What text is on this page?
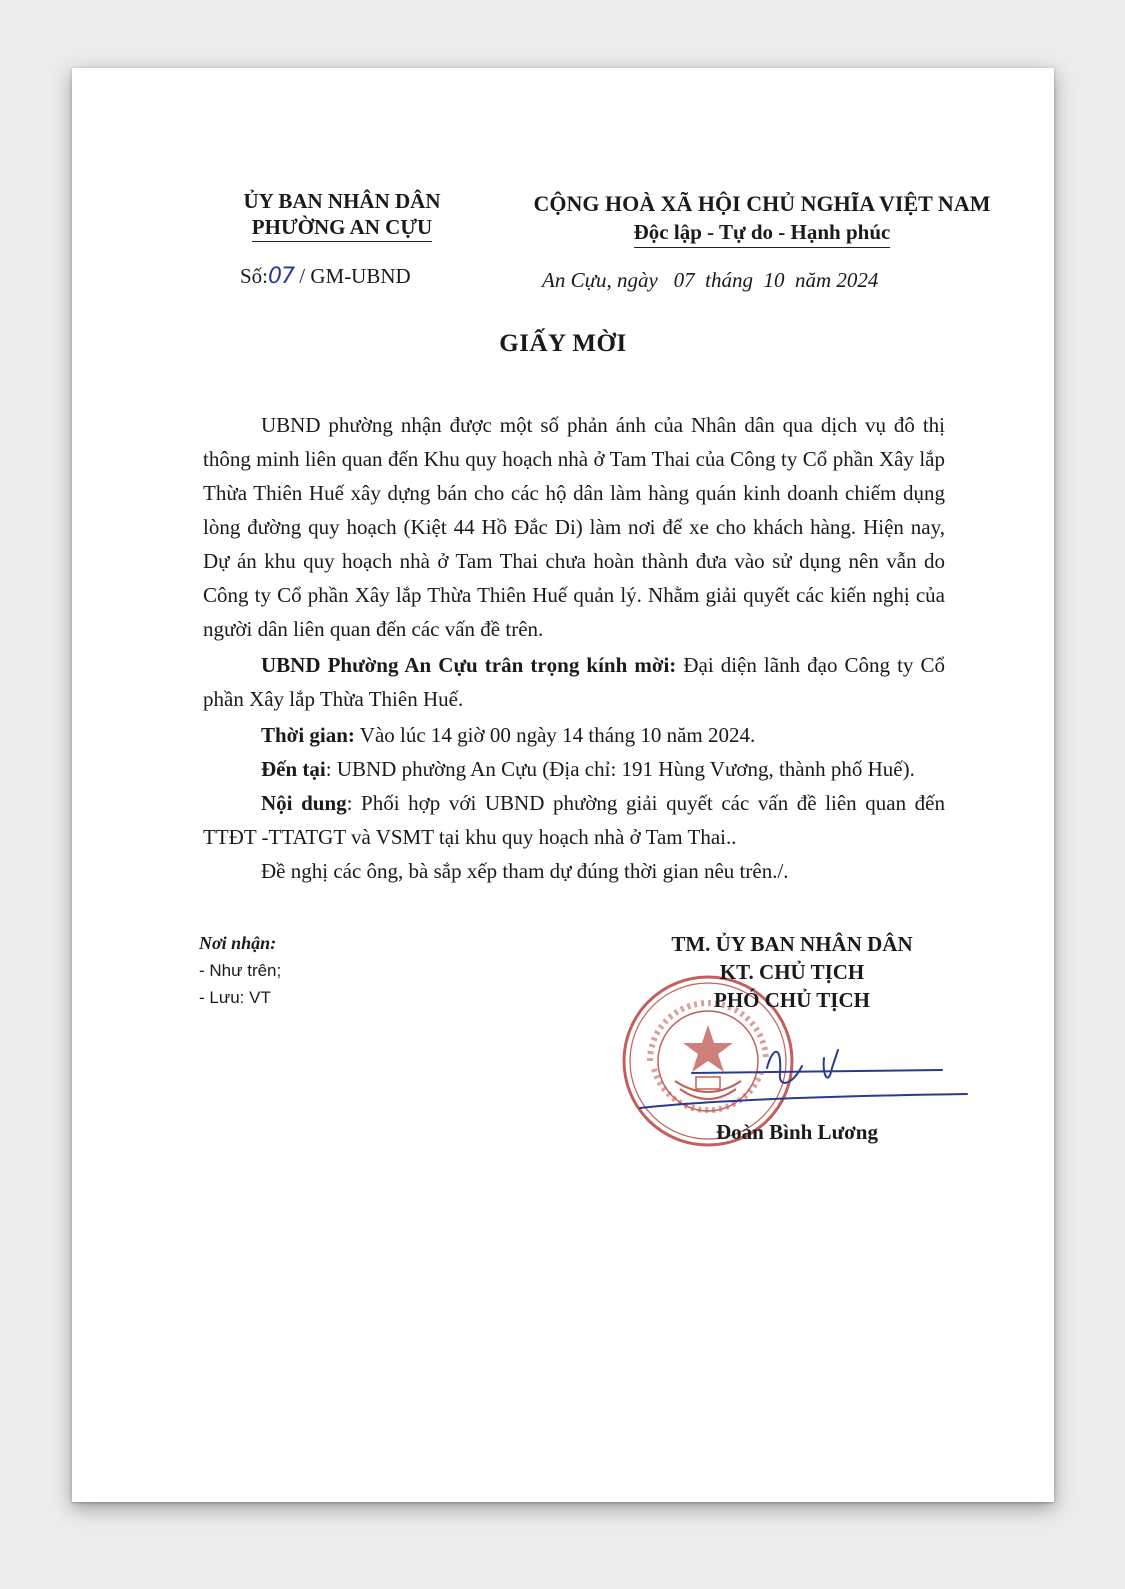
ỦY BAN NHÂN DÂN
PHƯỜNG AN CỰU
Số:07 / GM-UBND
CỘNG HOÀ XÃ HỘI CHỦ NGHĨA VIỆT NAM
Độc lập - Tự do - Hạnh phúc
An Cựu, ngày   07  tháng  10  năm 2024
GIẤY MỜI

UBND phường nhận được một số phản ánh của Nhân dân qua dịch vụ đô thị thông minh liên quan đến Khu quy hoạch nhà ở Tam Thai của Công ty Cổ phần Xây lắp Thừa Thiên Huế xây dựng bán cho các hộ dân làm hàng quán kinh doanh chiếm dụng lòng đường quy hoạch (Kiệt 44 Hồ Đắc Di) làm nơi để xe cho khách hàng. Hiện nay, Dự án khu quy hoạch nhà ở Tam Thai chưa hoàn thành đưa vào sử dụng nên vẫn do Công ty Cổ phần Xây lắp Thừa Thiên Huế quản lý. Nhằm giải quyết các kiến nghị của người dân liên quan đến các vấn đề trên.

UBND Phường An Cựu trân trọng kính mời: Đại diện lãnh đạo Công ty Cổ phần Xây lắp Thừa Thiên Huế.

Thời gian: Vào lúc 14 giờ 00 ngày 14 tháng 10 năm 2024.

Đến tại: UBND phường An Cựu (Địa chỉ: 191 Hùng Vương, thành phố Huế).

Nội dung: Phối hợp với UBND phường giải quyết các vấn đề liên quan đến TTĐT -TTATGT và VSMT tại khu quy hoạch nhà ở Tam Thai..

Đề nghị các ông, bà sắp xếp tham dự đúng thời gian nêu trên./.

Nơi nhận:
- Như trên;
- Lưu: VT
TM. ỦY BAN NHÂN DÂN
KT. CHỦ TỊCH
PHÓ CHỦ TỊCH
Đoàn Bình Lương
